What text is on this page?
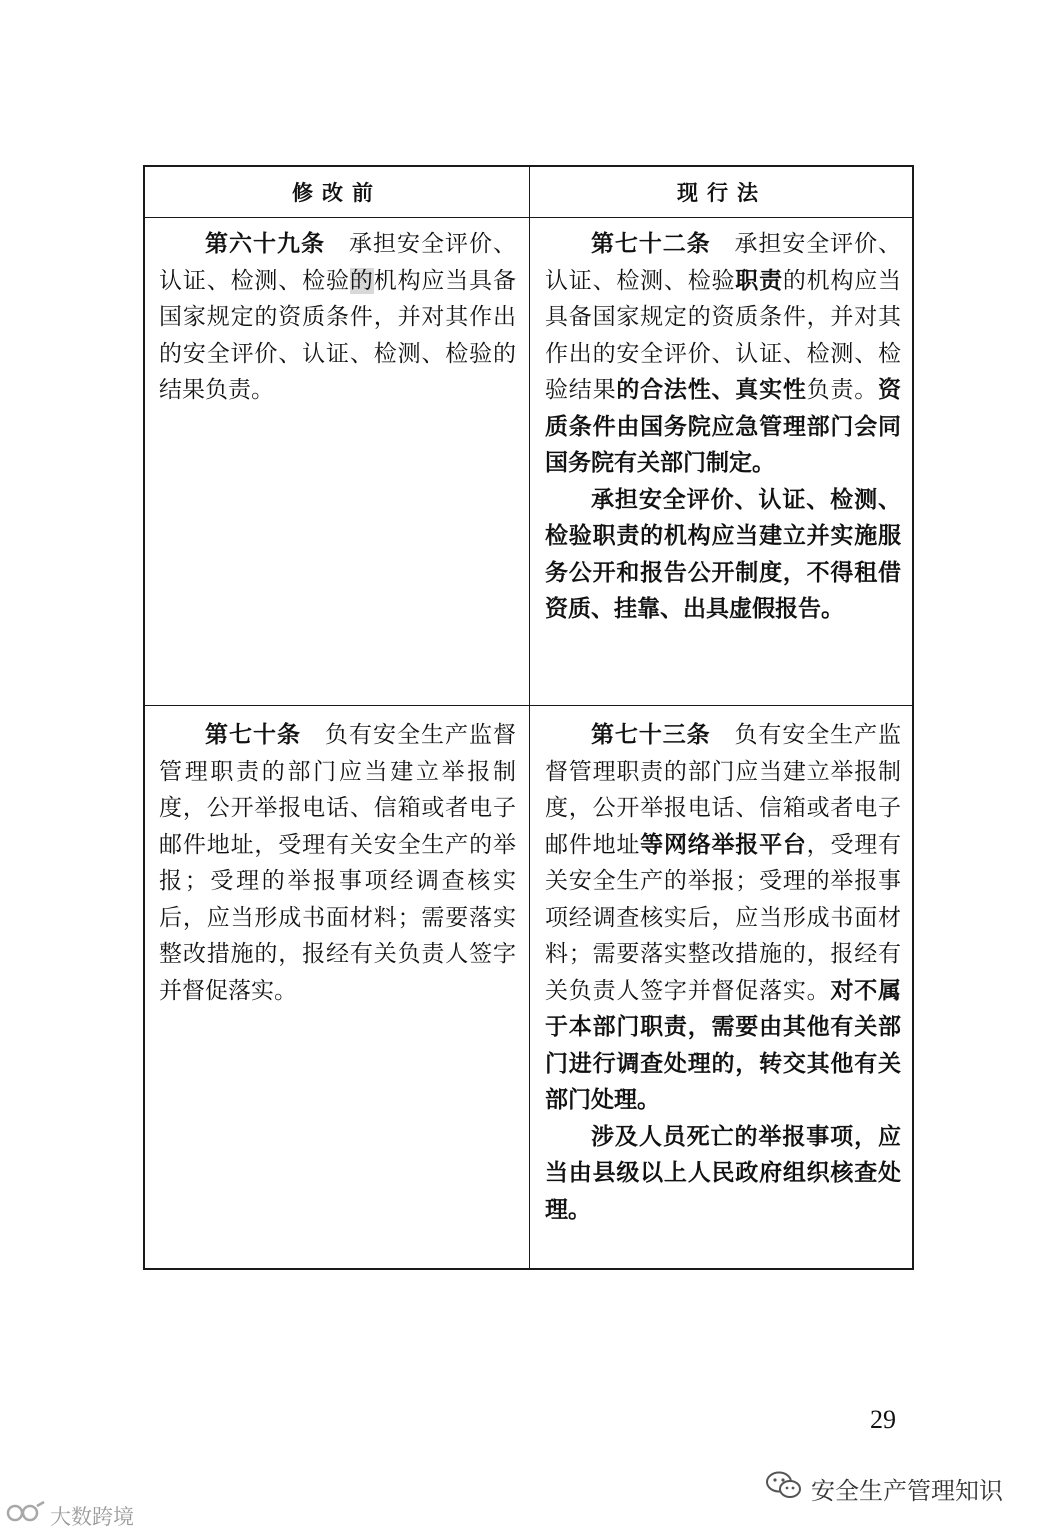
修改前	现行法

第六十九条 承担安全评价、认证、检测、检验的机构应当具备国家规定的资质条件，并对其作出的安全评价、认证、检测、检验的结果负责。

第七十二条 承担安全评价、认证、检测、检验职责的机构应当具备国家规定的资质条件，并对其作出的安全评价、认证、检测、检验结果的合法性、真实性负责。资质条件由国务院应急管理部门会同国务院有关部门制定。

承担安全评价、认证、检测、检验职责的机构应当建立并实施服务公开和报告公开制度，不得租借资质、挂靠、出具虚假报告。

第七十条 负有安全生产监督管理职责的部门应当建立举报制度，公开举报电话、信箱或者电子邮件地址，受理有关安全生产的举报；受理的举报事项经调查核实后，应当形成书面材料；需要落实整改措施的，报经有关负责人签字并督促落实。

第七十三条 负有安全生产监督管理职责的部门应当建立举报制度，公开举报电话、信箱或者电子邮件地址等网络举报平台，受理有关安全生产的举报；受理的举报事项经调查核实后，应当形成书面材料；需要落实整改措施的，报经有关负责人签字并督促落实。对不属于本部门职责，需要由其他有关部门进行调查处理的，转交其他有关部门处理。

涉及人员死亡的举报事项，应当由县级以上人民政府组织核查处理。

29
安全生产管理知识
大数跨境
